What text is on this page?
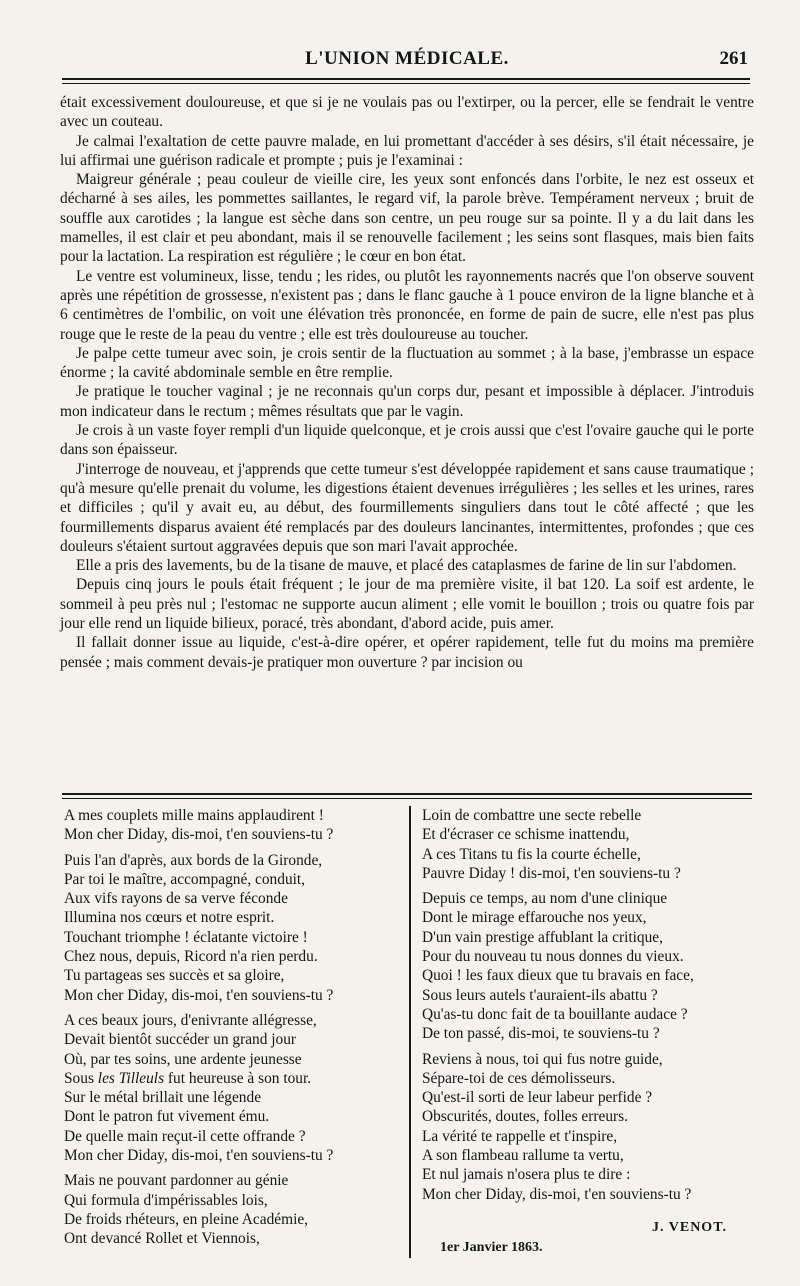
L'UNION MÉDICALE.	261

était excessivement douloureuse, et que si je ne voulais pas ou l'extirper, ou la percer, elle se fendrait le ventre avec un couteau.

Je calmai l'exaltation de cette pauvre malade, en lui promettant d'accéder à ses désirs, s'il était nécessaire, je lui affirmai une guérison radicale et prompte ; puis je l'examinai :

Maigreur générale ; peau couleur de vieille cire, les yeux sont enfoncés dans l'orbite, le nez est osseux et décharné à ses ailes, les pommettes saillantes, le regard vif, la parole brève. Tempérament nerveux ; bruit de souffle aux carotides ; la langue est sèche dans son centre, un peu rouge sur sa pointe. Il y a du lait dans les mamelles, il est clair et peu abondant, mais il se renouvelle facilement ; les seins sont flasques, mais bien faits pour la lactation. La respiration est régulière ; le cœur en bon état.

Le ventre est volumineux, lisse, tendu ; les rides, ou plutôt les rayonnements nacrés que l'on observe souvent après une répétition de grossesse, n'existent pas ; dans le flanc gauche à 1 pouce environ de la ligne blanche et à 6 centimètres de l'ombilic, on voit une élévation très prononcée, en forme de pain de sucre, elle n'est pas plus rouge que le reste de la peau du ventre ; elle est très douloureuse au toucher.

Je palpe cette tumeur avec soin, je crois sentir de la fluctuation au sommet ; à la base, j'embrasse un espace énorme ; la cavité abdominale semble en être remplie.

Je pratique le toucher vaginal ; je ne reconnais qu'un corps dur, pesant et impossible à déplacer. J'introduis mon indicateur dans le rectum ; mêmes résultats que par le vagin.

Je crois à un vaste foyer rempli d'un liquide quelconque, et je crois aussi que c'est l'ovaire gauche qui le porte dans son épaisseur.

J'interroge de nouveau, et j'apprends que cette tumeur s'est développée rapidement et sans cause traumatique ; qu'à mesure qu'elle prenait du volume, les digestions étaient devenues irrégulières ; les selles et les urines, rares et difficiles ; qu'il y avait eu, au début, des fourmillements singuliers dans tout le côté affecté ; que les fourmillements disparus avaient été remplacés par des douleurs lancinantes, intermittentes, profondes ; que ces douleurs s'étaient surtout aggravées depuis que son mari l'avait approchée.

Elle a pris des lavements, bu de la tisane de mauve, et placé des cataplasmes de farine de lin sur l'abdomen.

Depuis cinq jours le pouls était fréquent ; le jour de ma première visite, il bat 120. La soif est ardente, le sommeil à peu près nul ; l'estomac ne supporte aucun aliment ; elle vomit le bouillon ; trois ou quatre fois par jour elle rend un liquide bilieux, poracé, très abondant, d'abord acide, puis amer.

Il fallait donner issue au liquide, c'est-à-dire opérer, et opérer rapidement, telle fut du moins ma première pensée ; mais comment devais-je pratiquer mon ouverture ? par incision ou

A mes couplets mille mains applaudirent !
Mon cher Diday, dis-moi, t'en souviens-tu ?
Puis l'an d'après, aux bords de la Gironde,
Par toi le maître, accompagné, conduit,
Aux vifs rayons de sa verve féconde
Illumina nos cœurs et notre esprit.
Touchant triomphe ! éclatante victoire !
Chez nous, depuis, Ricord n'a rien perdu.
Tu partageas ses succès et sa gloire,
Mon cher Diday, dis-moi, t'en souviens-tu ?
A ces beaux jours, d'enivrante allégresse,
Devait bientôt succéder un grand jour
Où, par tes soins, une ardente jeunesse
Sous les Tilleuls fut heureuse à son tour.
Sur le métal brillait une légende
Dont le patron fut vivement ému.
De quelle main reçut-il cette offrande ?
Mon cher Diday, dis-moi, t'en souviens-tu ?
Mais ne pouvant pardonner au génie
Qui formula d'impérissables lois,
De froids rhéteurs, en pleine Académie,
Ont devancé Rollet et Viennois,
Loin de combattre une secte rebelle
Et d'écraser ce schisme inattendu,
A ces Titans tu fis la courte échelle,
Pauvre Diday ! dis-moi, t'en souviens-tu ?
Depuis ce temps, au nom d'une clinique
Dont le mirage effarouche nos yeux,
D'un vain prestige affublant la critique,
Pour du nouveau tu nous donnes du vieux.
Quoi ! les faux dieux que tu bravais en face,
Sous leurs autels t'auraient-ils abattu ?
Qu'as-tu donc fait de ta bouillante audace ?
De ton passé, dis-moi, te souviens-tu ?
Reviens à nous, toi qui fus notre guide,
Sépare-toi de ces démolisseurs.
Qu'est-il sorti de leur labeur perfide ?
Obscurités, doutes, folles erreurs.
La vérité te rappelle et t'inspire,
A son flambeau rallume ta vertu,
Et nul jamais n'osera plus te dire :
Mon cher Diday, dis-moi, t'en souviens-tu ?
J. VENOT.
1er Janvier 1863.
